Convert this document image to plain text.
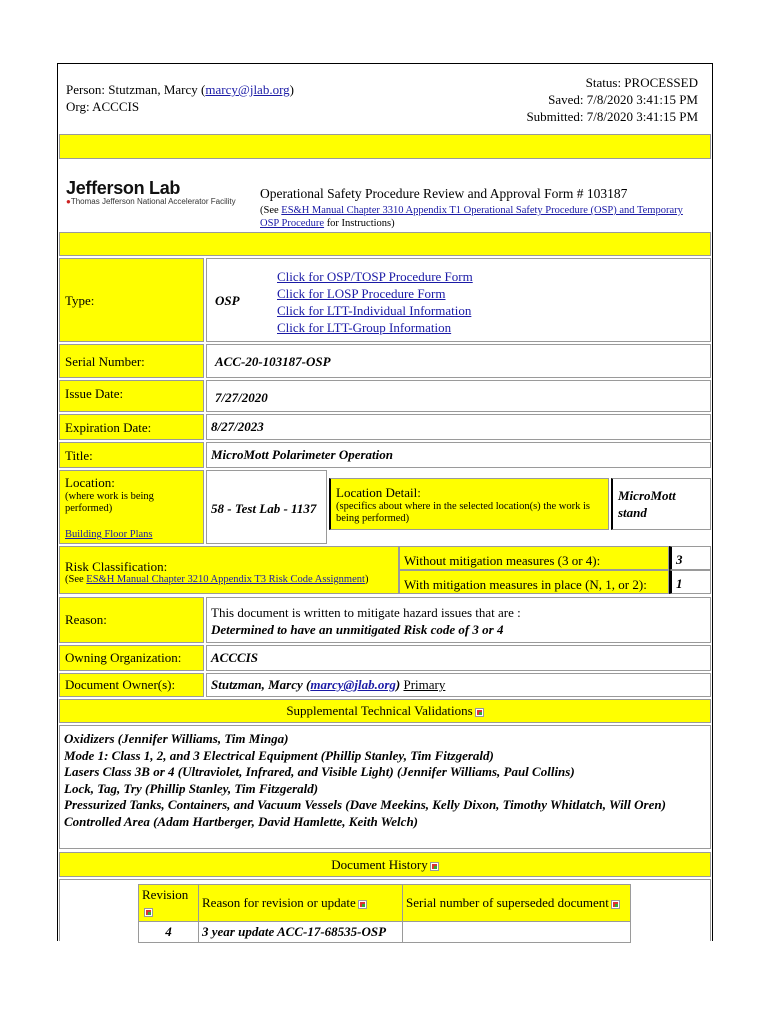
Person: Stutzman, Marcy (marcy@jlab.org)
Org: ACCCIS
Status: PROCESSED
Saved: 7/8/2020 3:41:15 PM
Submitted: 7/8/2020 3:41:15 PM
Jefferson Lab
●Thomas Jefferson National Accelerator Facility
Operational Safety Procedure Review and Approval Form # 103187
(See ES&H Manual Chapter 3310 Appendix T1 Operational Safety Procedure (OSP) and Temporary OSP Procedure for Instructions)
Type:	OSP
Click for OSP/TOSP Procedure Form
Click for LOSP Procedure Form
Click for LTT-Individual Information
Click for LTT-Group Information
Serial Number:	ACC-20-103187-OSP
Issue Date:	7/27/2020
Expiration Date:	8/27/2023
Title:	MicroMott Polarimeter Operation
Location:
(where work is being performed)
Building Floor Plans
58 - Test Lab - 1137
Location Detail:
(specifics about where in the selected location(s) the work is being performed)
MicroMott stand
Risk Classification:
(See ES&H Manual Chapter 3210 Appendix T3 Risk Code Assignment)
Without mitigation measures (3 or 4):	3
With mitigation measures in place (N, 1, or 2): 1
Reason:	This document is written to mitigate hazard issues that are :
Determined to have an unmitigated Risk code of 3 or 4
Owning Organization: ACCCIS
Document Owner(s):	Stutzman, Marcy (marcy@jlab.org) Primary
Supplemental Technical Validations
Oxidizers (Jennifer Williams, Tim Minga)
Mode 1: Class 1, 2, and 3 Electrical Equipment (Phillip Stanley, Tim Fitzgerald)
Lasers Class 3B or 4 (Ultraviolet, Infrared, and Visible Light) (Jennifer Williams, Paul Collins)
Lock, Tag, Try (Phillip Stanley, Tim Fitzgerald)
Pressurized Tanks, Containers, and Vacuum Vessels (Dave Meekins, Kelly Dixon, Timothy Whitlatch, Will Oren)
Controlled Area (Adam Hartberger, David Hamlette, Keith Welch)
Document History
Revision	Reason for revision or update	Serial number of superseded document
4	3 year update ACC-17-68535-OSP	
